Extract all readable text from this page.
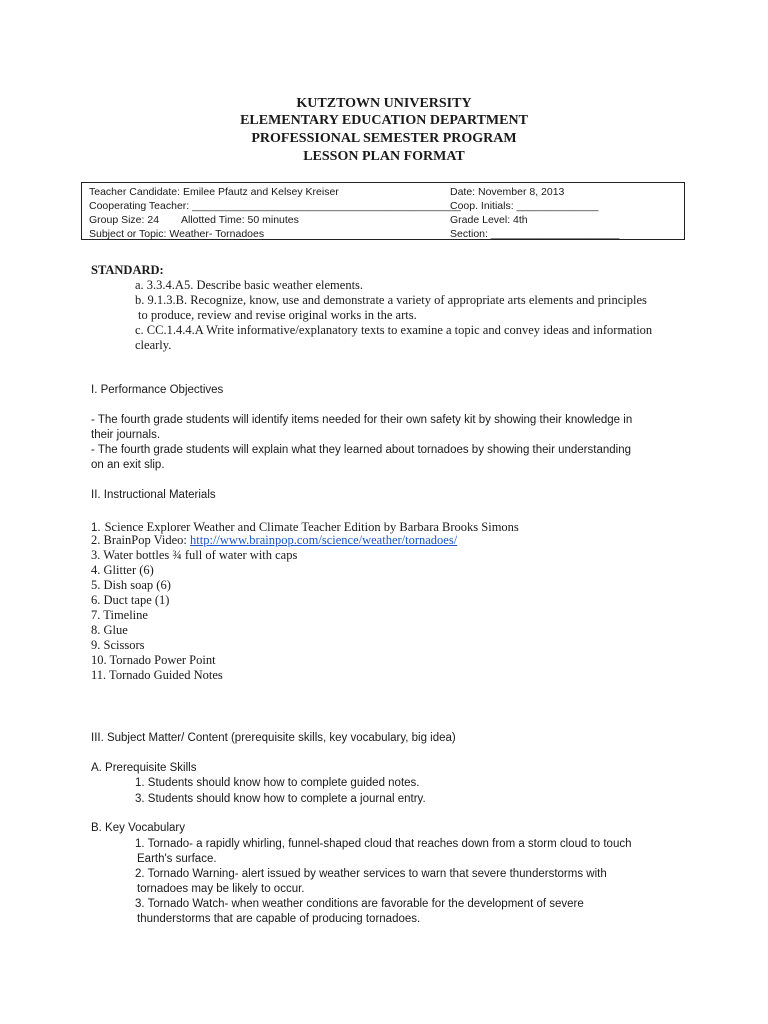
KUTZTOWN UNIVERSITY
ELEMENTARY EDUCATION DEPARTMENT
PROFESSIONAL SEMESTER PROGRAM
LESSON PLAN FORMAT
Teacher Candidate: Emilee Pfautz and Kelsey Kreiser
Cooperating Teacher: ______________________________________________
Group Size: 24 Allotted Time: 50 minutes
Subject or Topic: Weather- Tornadoes
Date: November 8, 2013
Coop. Initials: ______________
Grade Level: 4th
Section: ______________________
STANDARD:
a. 3.3.4.A5. Describe basic weather elements.
b. 9.1.3.B. Recognize, know, use and demonstrate a variety of appropriate arts elements and principles
to produce, review and revise original works in the arts.
c. CC.1.4.4.A Write informative/explanatory texts to examine a topic and convey ideas and information
clearly.
I. Performance Objectives
- The fourth grade students will identify items needed for their own safety kit by showing their knowledge in
their journals.
- The fourth grade students will explain what they learned about tornadoes by showing their understanding
on an exit slip.
II. Instructional Materials
1. Science Explorer Weather and Climate Teacher Edition by Barbara Brooks Simons
2. BrainPop Video: http://www.brainpop.com/science/weather/tornadoes/
3. Water bottles ¾ full of water with caps
4. Glitter (6)
5. Dish soap (6)
6. Duct tape (1)
7. Timeline
8. Glue
9. Scissors
10. Tornado Power Point
11. Tornado Guided Notes
III. Subject Matter/ Content (prerequisite skills, key vocabulary, big idea)
A. Prerequisite Skills
1. Students should know how to complete guided notes.
3. Students should know how to complete a journal entry.
B. Key Vocabulary
1. Tornado- a rapidly whirling, funnel-shaped cloud that reaches down from a storm cloud to touch
Earth's surface.
2. Tornado Warning- alert issued by weather services to warn that severe thunderstorms with
tornadoes may be likely to occur.
3. Tornado Watch- when weather conditions are favorable for the development of severe
thunderstorms that are capable of producing tornadoes.
